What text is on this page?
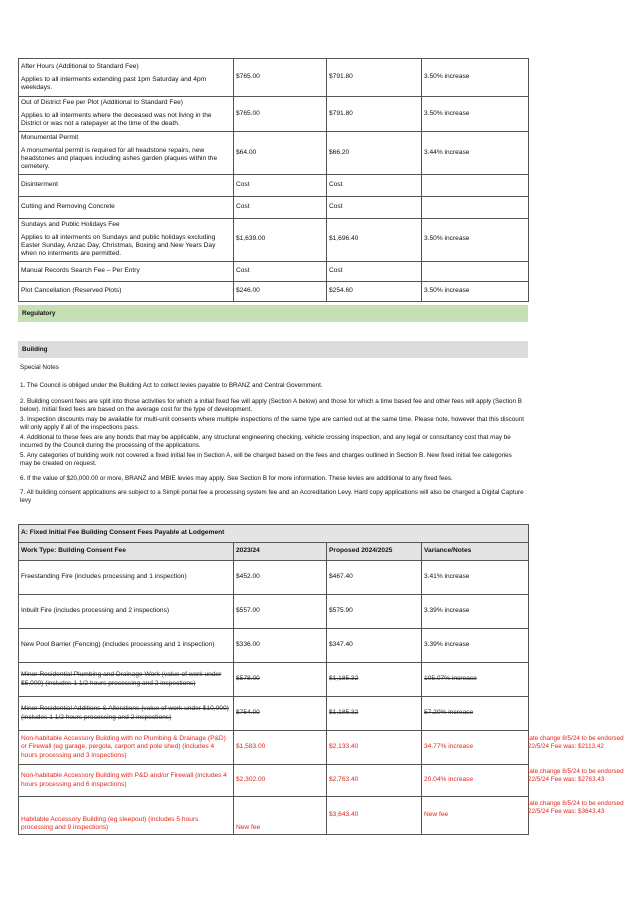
After Hours (Additional to Standard Fee)

Applies to all interments extending past 1pm Saturday and 4pm weekdays.	$765.00	$791.80	3.50% increase

Out of District Fee per Plot (Additional to Standard Fee)

Applies to all interments where the deceased was not living in the District or was not a ratepayer at the time of the death.	$765.00	$791.80	3.50% increase

Monumental Permit

A monumental permit is required for all headstone repairs, new headstones and plaques including ashes garden plaques within the cemetery.	$64.00	$66.20	3.44% increase

Disinterment	Cost	Cost	

Cutting and Removing Concrete	Cost	Cost	

Sundays and Public Holidays Fee

Applies to all interments on Sundays and public holidays excluding Easter Sunday, Anzac Day, Christmas, Boxing and New Years Day when no interments are permitted.	$1,639.00	$1,696.40	3.50% increase

Manual Records Search Fee – Per Entry	Cost	Cost	

Plot Cancellation (Reserved Plots)	$246.00	$254.60	3.50% increase
Regulatory
Building
Special Notes
1. The Council is obliged under the Building Act to collect levies payable to BRANZ and Central Government.
2. Building consent fees are split into those activities for which a initial fixed fee will apply (Section A below) and those for which a time based fee and other fees will apply (Section B below). Initial fixed fees are based on the average cost for the type of development.
3. Inspection discounts may be available for multi-unit consents where multiple inspections of the same type are carried out at the same time. Please note, however that this discount will only apply if all of the inspections pass.
4. Additional to these fees are any bonds that may be applicable, any structural engineering checking, vehicle crossing inspection, and any legal or consultancy cost that may be incurred by the Council during the processing of the applications.
5. Any categories of building work not covered a fixed initial fee in Section A, will be charged based on the fees and charges outlined in Section B. New fixed initial fee categories may be created on request.
6. If the value of $20,000.00 or more, BRANZ and MBIE levies may apply. See Section B for more information. These levies are additional to any fixed fees.
7. All building consent applications are subject to a Simpli portal fee a processing system fee and an Accreditation Levy. Hard copy applications will also be charged a Digital Capture levy
A: Fixed Initial Fee Building Consent Fees Payable at Lodgement			
Work Type: Building Consent Fee	2023/24	Proposed 2024/2025	Variance/Notes
Freestanding Fire (includes processing and 1 inspection)	$452.00	$467.40	3.41% increase
Inbuilt Fire (includes processing and 2 inspections)	$557.00	$575.90	3.39% increase
New Pool Barrier (Fencing) (includes processing and 1 inspection)	$336.00	$347.40	3.39% increase
Minor Residential Plumbing and Drainage Work (value of work under $5,000) (includes 1 1/2 hours processing and 2 inspections)	$578.00	$1,185.32	105.07% increase
Minor Residential Additions & Alterations (value of work under $10,000) (includes 1 1/2 hours processing and 2 inspections)	$754.00	$1,185.32	57.20% increase
Non-habitable Accessory Building with no Plumbing & Drainage (P&D) or Firewall (eg garage, pergola, carport and pole shed) (includes 4 hours processing and 3 inspections)	$1,583.00	$2,133.40	34.77% increase
Non-habitable Accessory Building with P&D and/or Firewall (includes 4 hours processing and 6 inspections)	$2,302.00	$2,763.40	20.04% increase
Habitable Accessory Building (eg sleepout) (includes 5 hours processing and 9 inspections)	New fee	$3,643.40	New fee
late change 8/5/24 to be endorsed 22/5/24 Fee was: $2113.42
late change 8/5/24 to be endorsed 22/5/24 Fee was: $2763.43
late change 8/5/24 to be endorsed 22/5/24 Fee was: $3643.43
